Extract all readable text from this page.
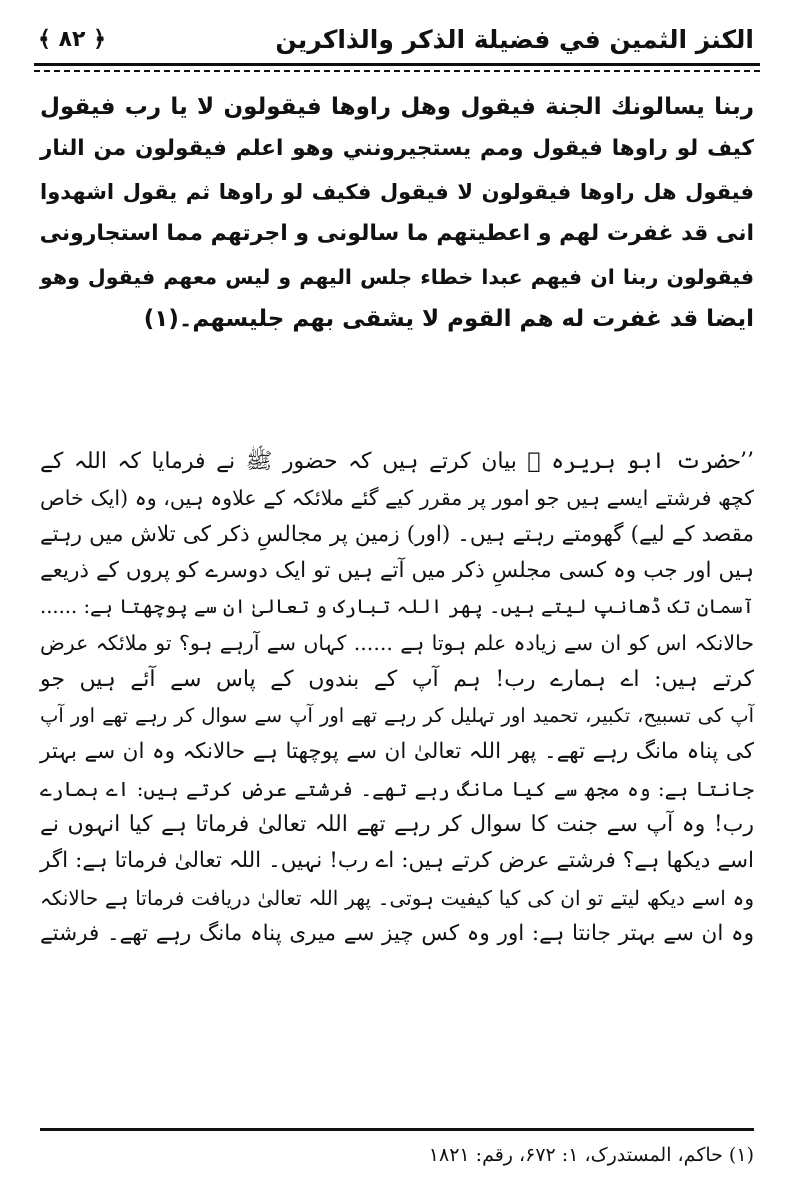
الكنز الثمين في فضيلة الذكر والذاكرين
﴿ ۸۲ ﴾

ربنا يسالونك الجنة فيقول وهل راوها فيقولون لا يا رب فيقول

كيف لو راوها فيقول ومم يستجيرونني وهو اعلم فيقولون من النار

فيقول هل راوها فيقولون لا فيقول فكيف لو راوها ثم يقول اشهدوا

انى قد غفرت لهم و اعطيتهم ما سالونى و اجرتهم مما استجارونى

فيقولون ربنا ان فيهم عبدا خطاء جلس اليهم و ليس معهم فيقول وهو

ايضا قد غفرت له هم القوم لا يشقى بهم جليسهم۔(۱)

’’حضرت ابو ہریرہ ﷛ بیان کرتے ہیں کہ حضور ﷺ نے فرمایا کہ اللہ کے

کچھ فرشتے ایسے ہیں جو امور پر مقرر کیے گئے ملائکہ کے علاوہ ہیں، وہ (ایک خاص

مقصد کے لیے) گھومتے رہتے ہیں۔ (اور) زمین پر مجالسِ ذکر کی تلاش میں رہتے

ہیں اور جب وہ کسی مجلسِ ذکر میں آتے ہیں تو ایک دوسرے کو پروں کے ذریعے

آسمان تک ڈھانپ لیتے ہیں۔ پھر اللہ تبارک و تعالیٰ ان سے پوچھتا ہے: ......

حالانکہ اس کو ان سے زیادہ علم ہوتا ہے ...... کہاں سے آرہے ہو؟ تو ملائکہ عرض

کرتے ہیں: اے ہمارے رب! ہم آپ کے بندوں کے پاس سے آئے ہیں جو

آپ کی تسبیح، تکبیر، تحمید اور تہلیل کر رہے تھے اور آپ سے سوال کر رہے تھے اور آپ

کی پناہ مانگ رہے تھے۔ پھر اللہ تعالیٰ ان سے پوچھتا ہے حالانکہ وہ ان سے بہتر

جانتا ہے: وہ مجھ سے کیا مانگ رہے تھے۔ فرشتے عرض کرتے ہیں: اے ہمارے

رب! وہ آپ سے جنت کا سوال کر رہے تھے اللہ تعالیٰ فرماتا ہے کیا انہوں نے

اسے دیکھا ہے؟ فرشتے عرض کرتے ہیں: اے رب! نہیں۔ اللہ تعالیٰ فرماتا ہے: اگر

وہ اسے دیکھ لیتے تو ان کی کیا کیفیت ہوتی۔ پھر اللہ تعالیٰ دریافت فرماتا ہے حالانکہ

وہ ان سے بہتر جانتا ہے: اور وہ کس چیز سے میری پناہ مانگ رہے تھے۔ فرشتے

(۱) حاکم، المستدرک، ۱: ۶۷۲، رقم: ۱۸۲۱
